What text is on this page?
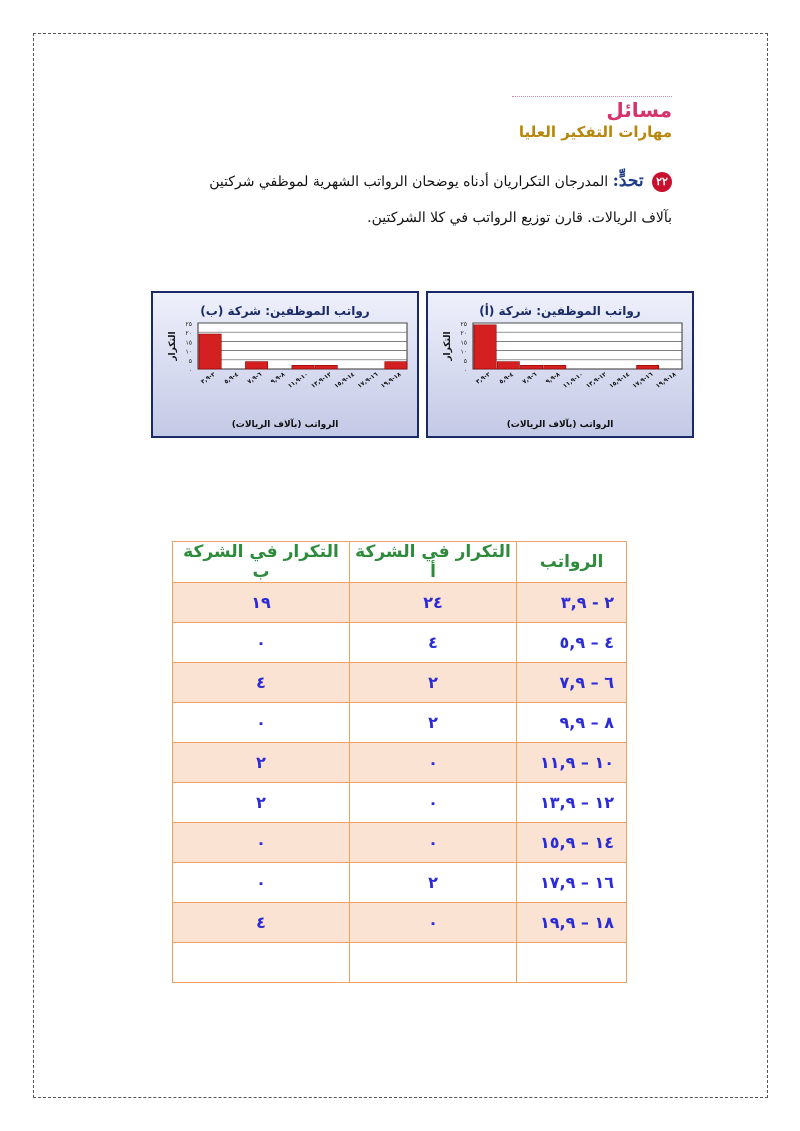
مسائل
مهارات التفكير العليا
٢٢ تحدٍّ: المدرجان التكراريان أدناه يوضحان الرواتب الشهرية لموظفي شركتين بآلاف الريالات. قارن توزيع الرواتب في كلا الشركتين.
رواتب الموظفين: شركة (أ)
٠
٥
١٠
١٥
٢٠
٢٥
التكرار
٢-٣,٩ ٤-٥,٩ ٦-٧,٩ ٨-٩,٩
١٠-١١,٩
١٢-١٣,٩
١٤-١٥,٩
١٦-١٧,٩
١٨-١٩,٩
الرواتب (بآلاف الريالات)
رواتب الموظفين: شركة (ب)
٠
٥
١٠
١٥
٢٠
٢٥
التكرار
٢-٣,٩ ٤-٥,٩ ٦-٧,٩ ٨-٩,٩
١٠-١١,٩
١٢-١٣,٩
١٤-١٥,٩
١٦-١٧,٩
١٨-١٩,٩
الرواتب (بآلاف الريالات)
الرواتب	التكرار في الشركة أ	التكرار في الشركة ب
٢ - ٣,٩	٢٤	١٩
٤ – ٥,٩	٤	٠
٦ – ٧,٩	٢	٤
٨ – ٩,٩	٢	٠
١٠ – ١١,٩	٠	٢
١٢ – ١٣,٩	٠	٢
١٤ – ١٥,٩	٠	٠
١٦ – ١٧,٩	٢	٠
١٨ – ١٩,٩	٠	٤
